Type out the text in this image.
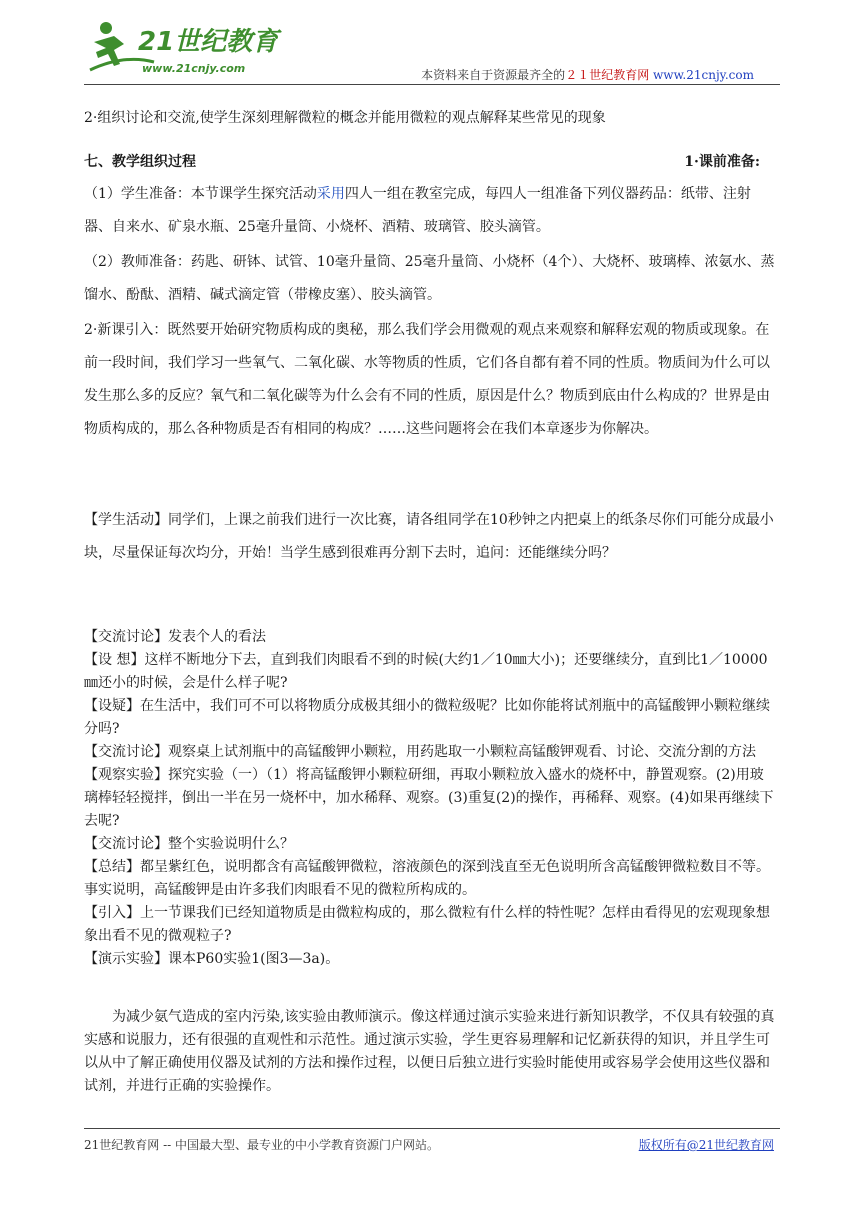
21世纪教育
www.21cnjy.com	本资料来自于资源最齐全的２１世纪教育网 www.21cnjy.com
2·组织讨论和交流,使学生深刻理解微粒的概念并能用微粒的观点解释某些常见的现象
七、教学组织过程	1·课前准备:
（1）学生准备：本节课学生探究活动采用四人一组在教室完成，每四人一组准备下列仪器药品：纸带、注射器、自来水、矿泉水瓶、25毫升量筒、小烧杯、酒精、玻璃管、胶头滴管。
（2）教师准备：药匙、研钵、试管、10毫升量筒、25毫升量筒、小烧杯（4个）、大烧杯、玻璃棒、浓氨水、蒸馏水、酚酞、酒精、碱式滴定管（带橡皮塞）、胶头滴管。
2·新课引入：既然要开始研究物质构成的奥秘，那么我们学会用微观的观点来观察和解释宏观的物质或现象。在前一段时间，我们学习一些氧气、二氧化碳、水等物质的性质，它们各自都有着不同的性质。物质间为什么可以发生那么多的反应？氧气和二氧化碳等为什么会有不同的性质，原因是什么？物质到底由什么构成的？世界是由物质构成的，那么各种物质是否有相同的构成？……这些问题将会在我们本章逐步为你解决。
【学生活动】同学们，上课之前我们进行一次比赛，请各组同学在10秒钟之内把桌上的纸条尽你们可能分成最小块，尽量保证每次均分，开始！当学生感到很难再分割下去时，追问：还能继续分吗？
【交流讨论】发表个人的看法
【设 想】这样不断地分下去，直到我们肉眼看不到的时候(大约1／10㎜大小)；还要继续分，直到比1／10000㎜还小的时候，会是什么样子呢?
【设疑】在生活中，我们可不可以将物质分成极其细小的微粒级呢？比如你能将试剂瓶中的高锰酸钾小颗粒继续分吗?
【交流讨论】观察桌上试剂瓶中的高锰酸钾小颗粒，用药匙取一小颗粒高锰酸钾观看、讨论、交流分割的方法
【观察实验】探究实验（一）（1）将高锰酸钾小颗粒研细，再取小颗粒放入盛水的烧杯中，静置观察。(2)用玻璃棒轻轻搅拌，倒出一半在另一烧杯中，加水稀释、观察。(3)重复(2)的操作，再稀释、观察。(4)如果再继续下去呢?
【交流讨论】整个实验说明什么？
【总结】都呈紫红色，说明都含有高锰酸钾微粒，溶液颜色的深到浅直至无色说明所含高锰酸钾微粒数目不等。事实说明，高锰酸钾是由许多我们肉眼看不见的微粒所构成的。
【引入】上一节课我们已经知道物质是由微粒构成的，那么微粒有什么样的特性呢？怎样由看得见的宏观现象想象出看不见的微观粒子?
【演示实验】课本P60实验1(图3—3a)。
为减少氨气造成的室内污染,该实验由教师演示。像这样通过演示实验来进行新知识教学，不仅具有较强的真实感和说服力，还有很强的直观性和示范性。通过演示实验，学生更容易理解和记忆新获得的知识，并且学生可以从中了解正确使用仪器及试剂的方法和操作过程，以便日后独立进行实验时能使用或容易学会使用这些仪器和试剂，并进行正确的实验操作。
21世纪教育网 -- 中国最大型、最专业的中小学教育资源门户网站。	版权所有@21世纪教育网
